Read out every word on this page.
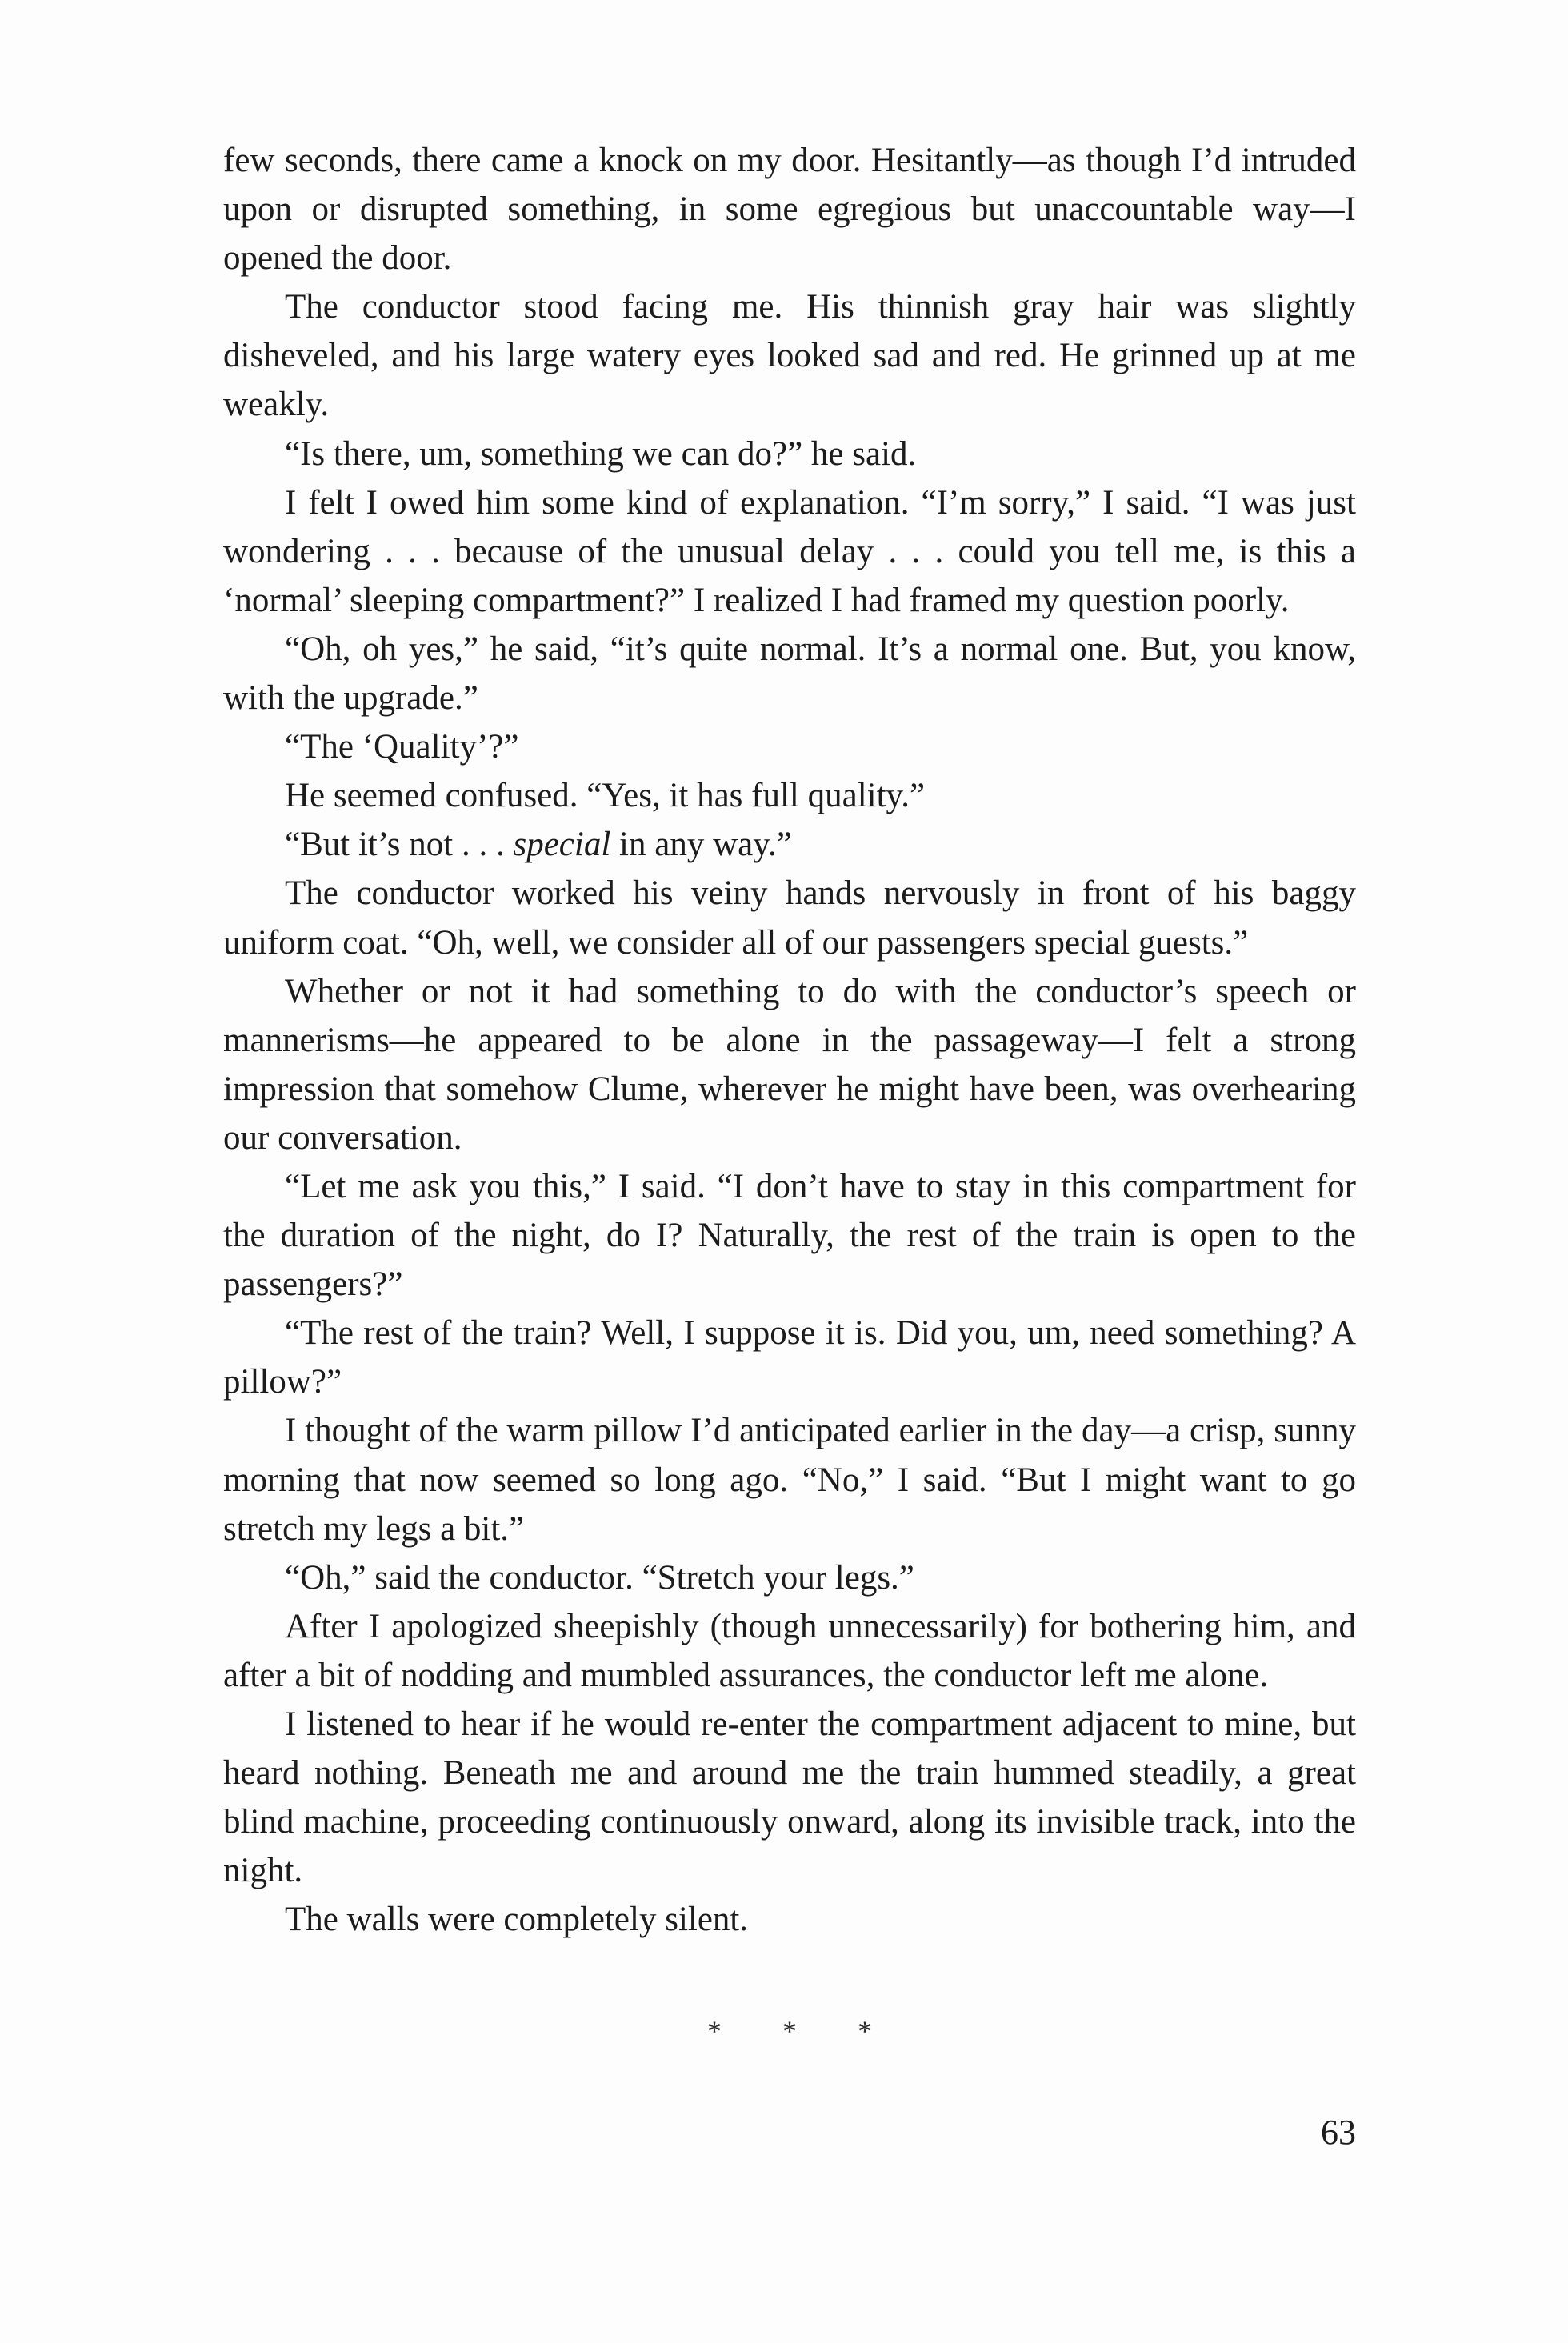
few seconds, there came a knock on my door. Hesitantly—as though I’d intruded upon or disrupted something, in some egregious but unaccountable way—I opened the door.

The conductor stood facing me. His thinnish gray hair was slightly disheveled, and his large watery eyes looked sad and red. He grinned up at me weakly.

“Is there, um, something we can do?” he said.

I felt I owed him some kind of explanation. “I’m sorry,” I said. “I was just wondering . . . because of the unusual delay . . . could you tell me, is this a ‘normal’ sleeping compartment?” I realized I had framed my question poorly.

“Oh, oh yes,” he said, “it’s quite normal. It’s a normal one. But, you know, with the upgrade.”

“The ‘Quality’?”

He seemed confused. “Yes, it has full quality.”

“But it’s not . . . special in any way.”

The conductor worked his veiny hands nervously in front of his baggy uniform coat. “Oh, well, we consider all of our passengers special guests.”

Whether or not it had something to do with the conductor’s speech or mannerisms—he appeared to be alone in the passageway—I felt a strong impression that somehow Clume, wherever he might have been, was overhearing our conversation.

“Let me ask you this,” I said. “I don’t have to stay in this compartment for the duration of the night, do I? Naturally, the rest of the train is open to the passengers?”

“The rest of the train? Well, I suppose it is. Did you, um, need something? A pillow?”

I thought of the warm pillow I’d anticipated earlier in the day—a crisp, sunny morning that now seemed so long ago. “No,” I said. “But I might want to go stretch my legs a bit.”

“Oh,” said the conductor. “Stretch your legs.”

After I apologized sheepishly (though unnecessarily) for bothering him, and after a bit of nodding and mumbled assurances, the conductor left me alone.

I listened to hear if he would re-enter the compartment adjacent to mine, but heard nothing. Beneath me and around me the train hummed steadily, a great blind machine, proceeding continuously onward, along its invisible track, into the night.

The walls were completely silent.

* * *
63
